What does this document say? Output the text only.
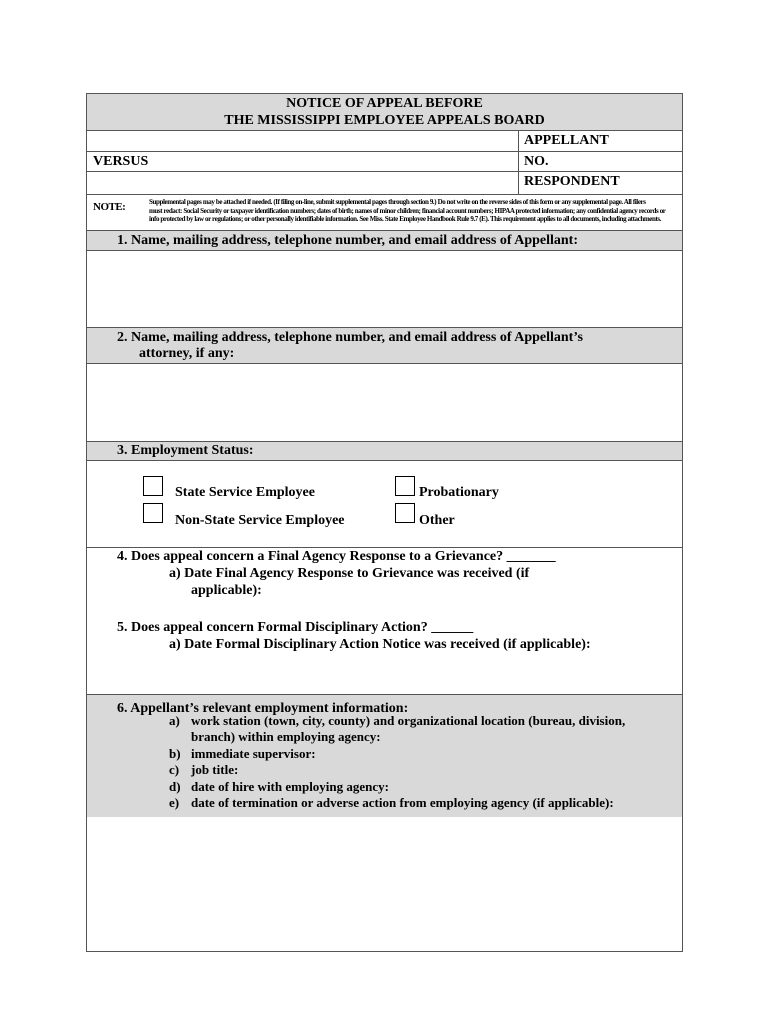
NOTICE OF APPEAL BEFORE
THE MISSISSIPPI EMPLOYEE APPEALS BOARD
APPELLANT
VERSUS	NO.
RESPONDENT
NOTE:	Supplemental pages may be attached if needed. (If filing on-line, submit supplemental pages through section 9.) Do not write on the reverse sides of this form or any supplemental page. All filers
must redact: Social Security or taxpayer identification numbers; dates of birth; names of minor children; financial account numbers; HIPAA protected information; any confidential agency records or
info protected by law or regulations; or other personally identifiable information. See Miss. State Employee Handbook Rule 9.7 (E). This requirement applies to all documents, including attachments.
1. Name, mailing address, telephone number, and email address of Appellant:
2. Name, mailing address, telephone number, and email address of Appellant’s
attorney, if any:
3. Employment Status:
State Service Employee
Non-State Service Employee
Probationary
Other
4. Does appeal concern a Final Agency Response to a Grievance? _______
a) Date Final Agency Response to Grievance was received (if
applicable):
5. Does appeal concern Formal Disciplinary Action? ______
a) Date Formal Disciplinary Action Notice was received (if applicable):
6. Appellant’s relevant employment information:
a) work station (town, city, county) and organizational location (bureau, division,
branch) within employing agency:
b) immediate supervisor:
c) job title:
d) date of hire with employing agency:
e) date of termination or adverse action from employing agency (if applicable):
